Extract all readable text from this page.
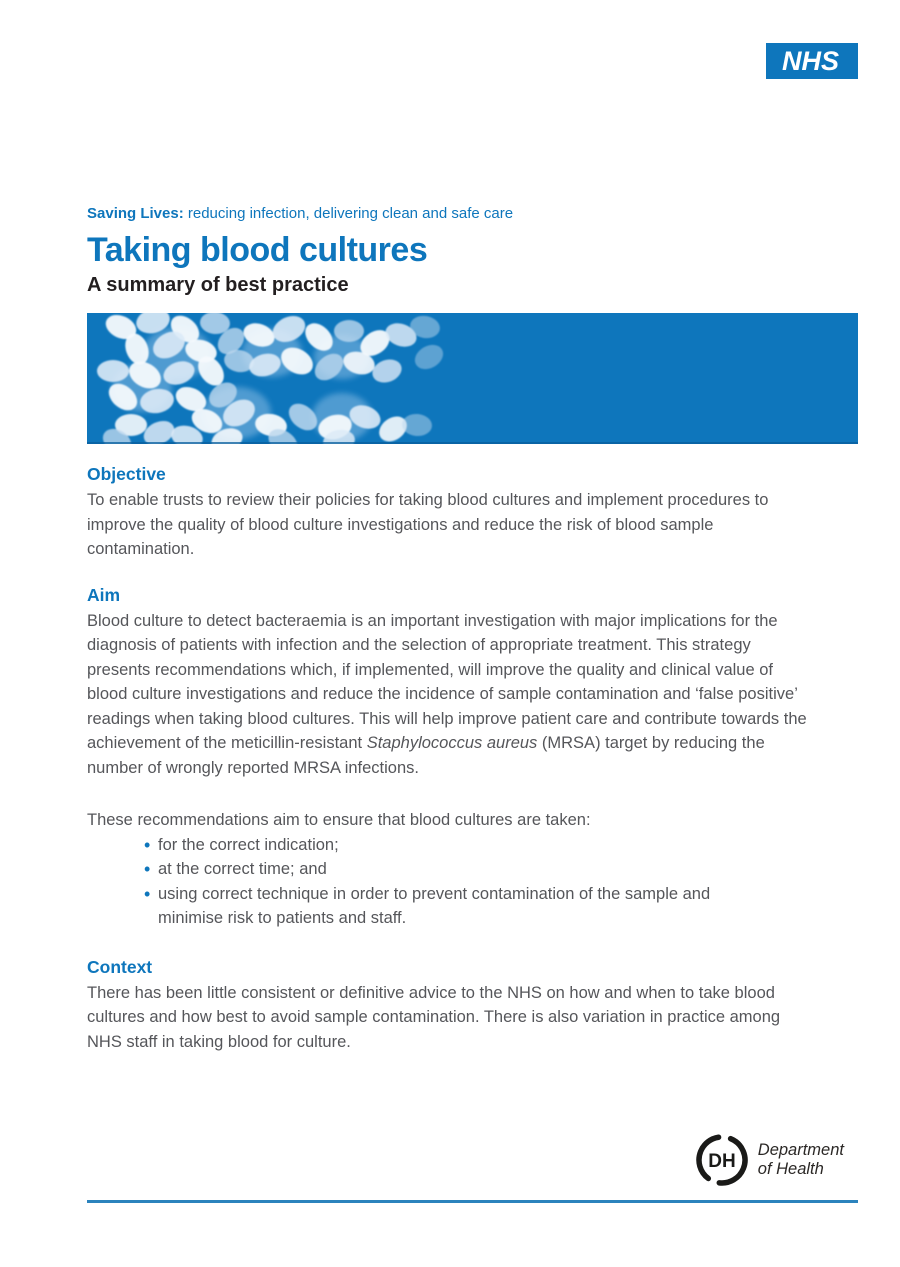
NHS
Saving Lives: reducing infection, delivering clean and safe care
Taking blood cultures
A summary of best practice
Objective

To enable trusts to review their policies for taking blood cultures and implement procedures to improve the quality of blood culture investigations and reduce the risk of blood sample contamination.

Aim

Blood culture to detect bacteraemia is an important investigation with major implications for the diagnosis of patients with infection and the selection of appropriate treatment. This strategy presents recommendations which, if implemented, will improve the quality and clinical value of blood culture investigations and reduce the incidence of sample contamination and ‘false positive’ readings when taking blood cultures. This will help improve patient care and contribute towards the achievement of the meticillin-resistant Staphylococcus aureus (MRSA) target by reducing the number of wrongly reported MRSA infections.

These recommendations aim to ensure that blood cultures are taken:

• for the correct indication;
• at the correct time; and
• using correct technique in order to prevent contamination of the sample and minimise risk to patients and staff.
Context

There has been little consistent or definitive advice to the NHS on how and when to take blood cultures and how best to avoid sample contamination. There is also variation in practice among NHS staff in taking blood for culture.

DH
Department
of Health
